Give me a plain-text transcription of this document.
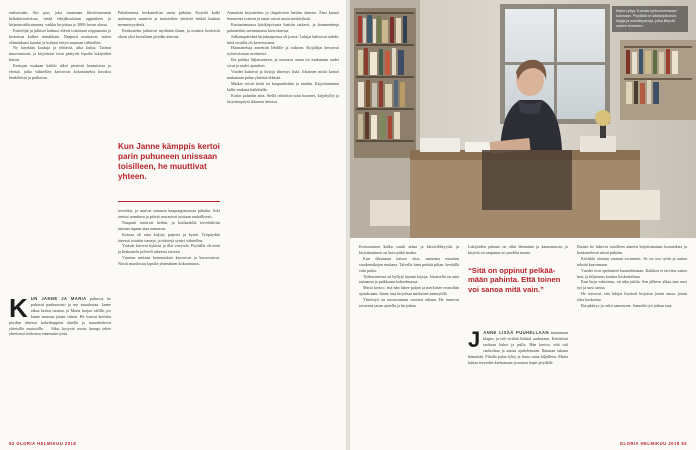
entisessään. Siti pari, joka tunnetaan fiktiivisemmin heliakiirtoriteissa, tietää tekijäkoulutun oppiaiheet ja kirjasinvalikoimansa, vaikka kirjoittaa jo 2000-luvun alussa.

Esittelijät ja julkiset hahmot elävät toisistaan riippumatta ja kertomus kulkee rinnakkain. Naapurit muistavat, miten elämänkaari kaartui ja kohtasi tietyn suunnan vähitellen.

Ny käydään kouluja ja tehtäviä, aika kuluu. Tarinat muovautuvat, ja kirjoitetut sivut päätyvät lopulta lukijoiden käsiin.

Kertojan mukaan kaikki alkoi pienistä huomioista ja eleistä, jotka vähitellen kasvoivat kokonaiseksi kuvaksi henkilöistä ja paikoista.

Puhelimessa keskusteltiin usein pitkään. Kirjeitä kulki molempiin suuntiin ja muisteltiin yhteisiä hetkiä kaukaa menneisyydestä.

Keskustelut jatkuivat myöhään iltaan, ja muistot heräsivät eloon yksi kerrallaan pöydän ääressä.

Kun Janne kämppis kertoi parin puhuneen unissaan toisilleen, he muuttivat yhteen.

toveriksi, ja asuivat samassa kaupunginosassa pitkään. Arki asettui uomiinsa ja päivät seurasivat toisiaan rauhallisesti.

Naapurit tottuivat heihin, ja kotikadulla tervehdittiin tuttuun tapaan aina aamuisin.

Kotona oli aina kirjoja, paperia ja kyniä. Työpöydän ääressä istuttiin tunteja, ja tekstejä syntyi vähitellen.

Ystävät kävivät kylässä ja illat venyivät. Pöydällä oli teetä ja keskustelu polveili aiheesta toiseen.

Vuosien mittaan kertomukset kasvoivat ja kerrostuivat. Niistä muodostui lopulta yhtenäinen kokonaisuus.

Aamuisin kirjoitettiin ja iltapäivisin luettiin ääneen. Ääni kantoi huoneesta toiseen ja sanat saivat uusia merkityksiä.

Kustantamossa käsikirjoitusta luettiin tarkasti, ja kommentteja palautettiin useammassa kierroksessa.

Julkaisupäivänä kirjakaupoissa oli jonoa. Lukijat halusivat nähdä, mitä sivuilla oli kerrottavana.

Haastatteluja annettiin lehdille ja radioon. Kirjailijat kertoivat työtavoistaan avoimesti.

Ilta päättyi hiljaisuuteen, ja seuraava aamu toi mukanaan uudet sivut ja uudet ajatukset.

Vuodet kuluivat ja kirjoja ilmestyi lisää. Jokainen niistä kantoi mukanaan palan yhteistä elämää.

Matkat veivät heitä eri kaupunkeihin ja maihin. Kirjoittaminen kulki mukana kaikkialla.

Kotiin palattiin aina. Siellä odottivat tutut huoneet, kirjahyllyt ja kirjoituspöytä ikkunan ääressä.

K UN JANNE JA MARIA puhuvat, he puhuvat pauhaavasti ja me muodostaa. Janne alkaa kertoa tarinaa, ja Maria korjaa välillä, jos Janne muistaa jotain väärin. He istuvat keittiön pöydän ääressä kahvikuppien äärellä ja naurahtelevat yhteisille muistoille. Siksi kysyvät usein, kumpi tekee yhteisissä teoksissa enemmän työtä.
92 GLORIA HELMIKUU 2018
Maria Lyttys-Tuomas työhuoneessaan kotonaan. Pöydällä on käsikirjoituksia, kirjoja ja muistiinpanoja, jotka liittyvät uuteen teokseen.

Kertomusten kulku vaatii aikaa ja kärsivällisyyttä, ja kirjoittaminen on kuin pitkä matka.

Kun ikkunasta katsoo ulos, maisema muuttuu vuodenaikojen mukana. Talvella lumi peittää pihan, keväällä valo palaa.

Työhuoneessa on hyllyjä täynnä kirjoja. Jokaisella on oma tarinansa ja paikkansa kokoelmassa.

Maria kertoo, että hän lukee paljon ja merkitsee reunoihin ajatuksiaan. Janne taas kirjoittaa mieluiten aamuyöllä.

Yhteistyö on muotoutunut vuosien aikana. He tuntevat toistensa tavan ajatella ja kirjoittaa.

Lukijoiden palaute on ollut lämmintä ja kannustavaa, ja kirjeitä on saapunut eri puolilta maata.

“Sitä on oppinut pelkää-mään pahinta. Että toinen voi sanoa mitä vain.”
J ANNE LISÄÄ PUUHELLAAN muutaman klapin, ja tuli virittää liekkiä uudestaan. Keittiössä tuoksuu kahvi ja pulla. Hän kertoo, että tuli rauhoittaa ja auttaa ajattelemaan. Ikkunan takana hämärtää. Pihalla palaa lyhty ja lunta sataa hiljalleen. Maria laittaa teeveden kiehumaan ja nostaa kupit pöydälle.

Iltaisin he lukevat toisilleen ääneen kirjoittamiaan luonnoksia ja keskustelevat niistä pitkään.

Kritiikki otetaan vastaan avoimesti. Se on osa työtä ja auttaa tekstiä kasvamaan.

Vuodet ovat opettaneet kuuntelemaan. Kaikkea ei tarvitse sanoa heti, ja hiljaisuus kuuluu keskusteluun.

Kun kirja valmistuu, on aika juhlia. Sen jälkeen alkaa taas uusi työ ja uusi tarina.

He toivovat, että lukijat löytävät kirjoista jotain omaa, jotain joka koskettaa.

Ilta päättyy ja valot sammuvat. Aamulla työ jatkuu taas.

GLORIA HELMIKUU 2018 93
